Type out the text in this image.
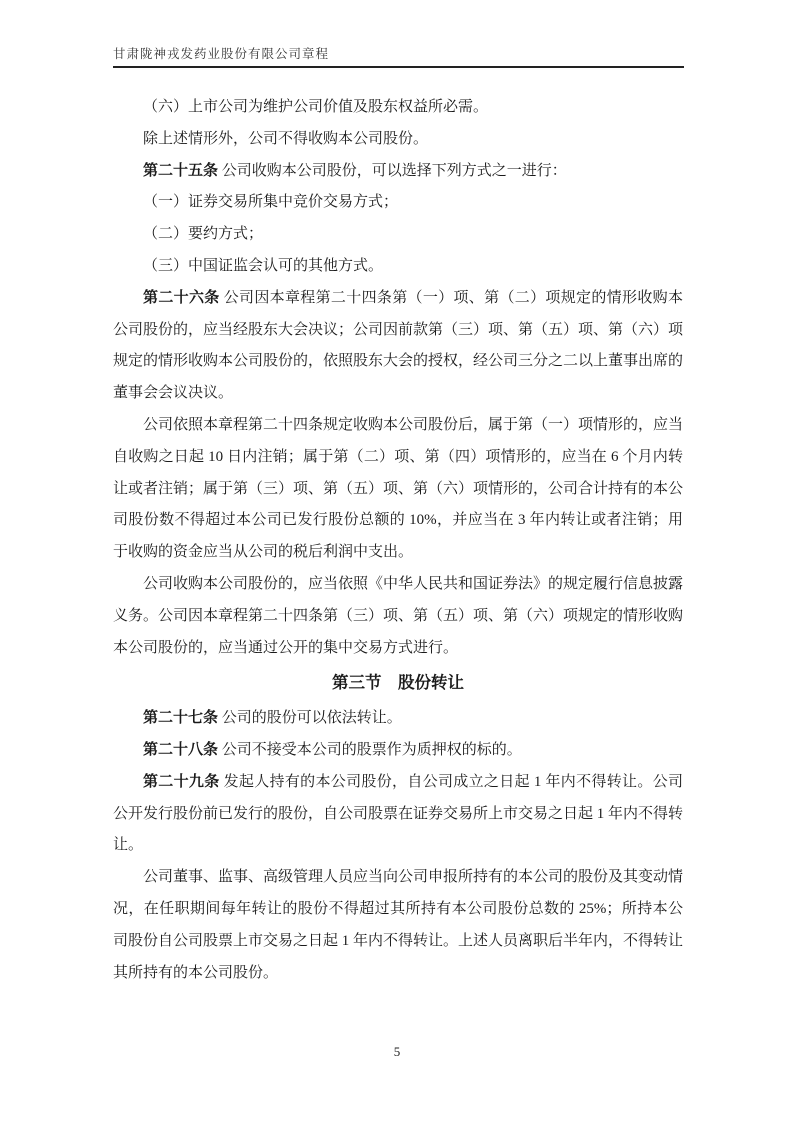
甘肃陇神戎发药业股份有限公司章程

（六）上市公司为维护公司价值及股东权益所必需。

除上述情形外，公司不得收购本公司股份。

第二十五条 公司收购本公司股份，可以选择下列方式之一进行：

（一）证券交易所集中竞价交易方式；

（二）要约方式；

（三）中国证监会认可的其他方式。

第二十六条 公司因本章程第二十四条第（一）项、第（二）项规定的情形收购本公司股份的，应当经股东大会决议；公司因前款第（三）项、第（五）项、第（六）项规定的情形收购本公司股份的，依照股东大会的授权，经公司三分之二以上董事出席的董事会会议决议。

公司依照本章程第二十四条规定收购本公司股份后，属于第（一）项情形的，应当自收购之日起 10 日内注销；属于第（二）项、第（四）项情形的，应当在 6 个月内转让或者注销；属于第（三）项、第（五）项、第（六）项情形的，公司合计持有的本公司股份数不得超过本公司已发行股份总额的 10%，并应当在 3 年内转让或者注销；用于收购的资金应当从公司的税后利润中支出。

公司收购本公司股份的，应当依照《中华人民共和国证券法》的规定履行信息披露义务。公司因本章程第二十四条第（三）项、第（五）项、第（六）项规定的情形收购本公司股份的，应当通过公开的集中交易方式进行。

第三节　股份转让

第二十七条 公司的股份可以依法转让。

第二十八条 公司不接受本公司的股票作为质押权的标的。

第二十九条 发起人持有的本公司股份，自公司成立之日起 1 年内不得转让。公司公开发行股份前已发行的股份，自公司股票在证券交易所上市交易之日起 1 年内不得转让。

公司董事、监事、高级管理人员应当向公司申报所持有的本公司的股份及其变动情况，在任职期间每年转让的股份不得超过其所持有本公司股份总数的 25%；所持本公司股份自公司股票上市交易之日起 1 年内不得转让。上述人员离职后半年内，不得转让其所持有的本公司股份。

5
